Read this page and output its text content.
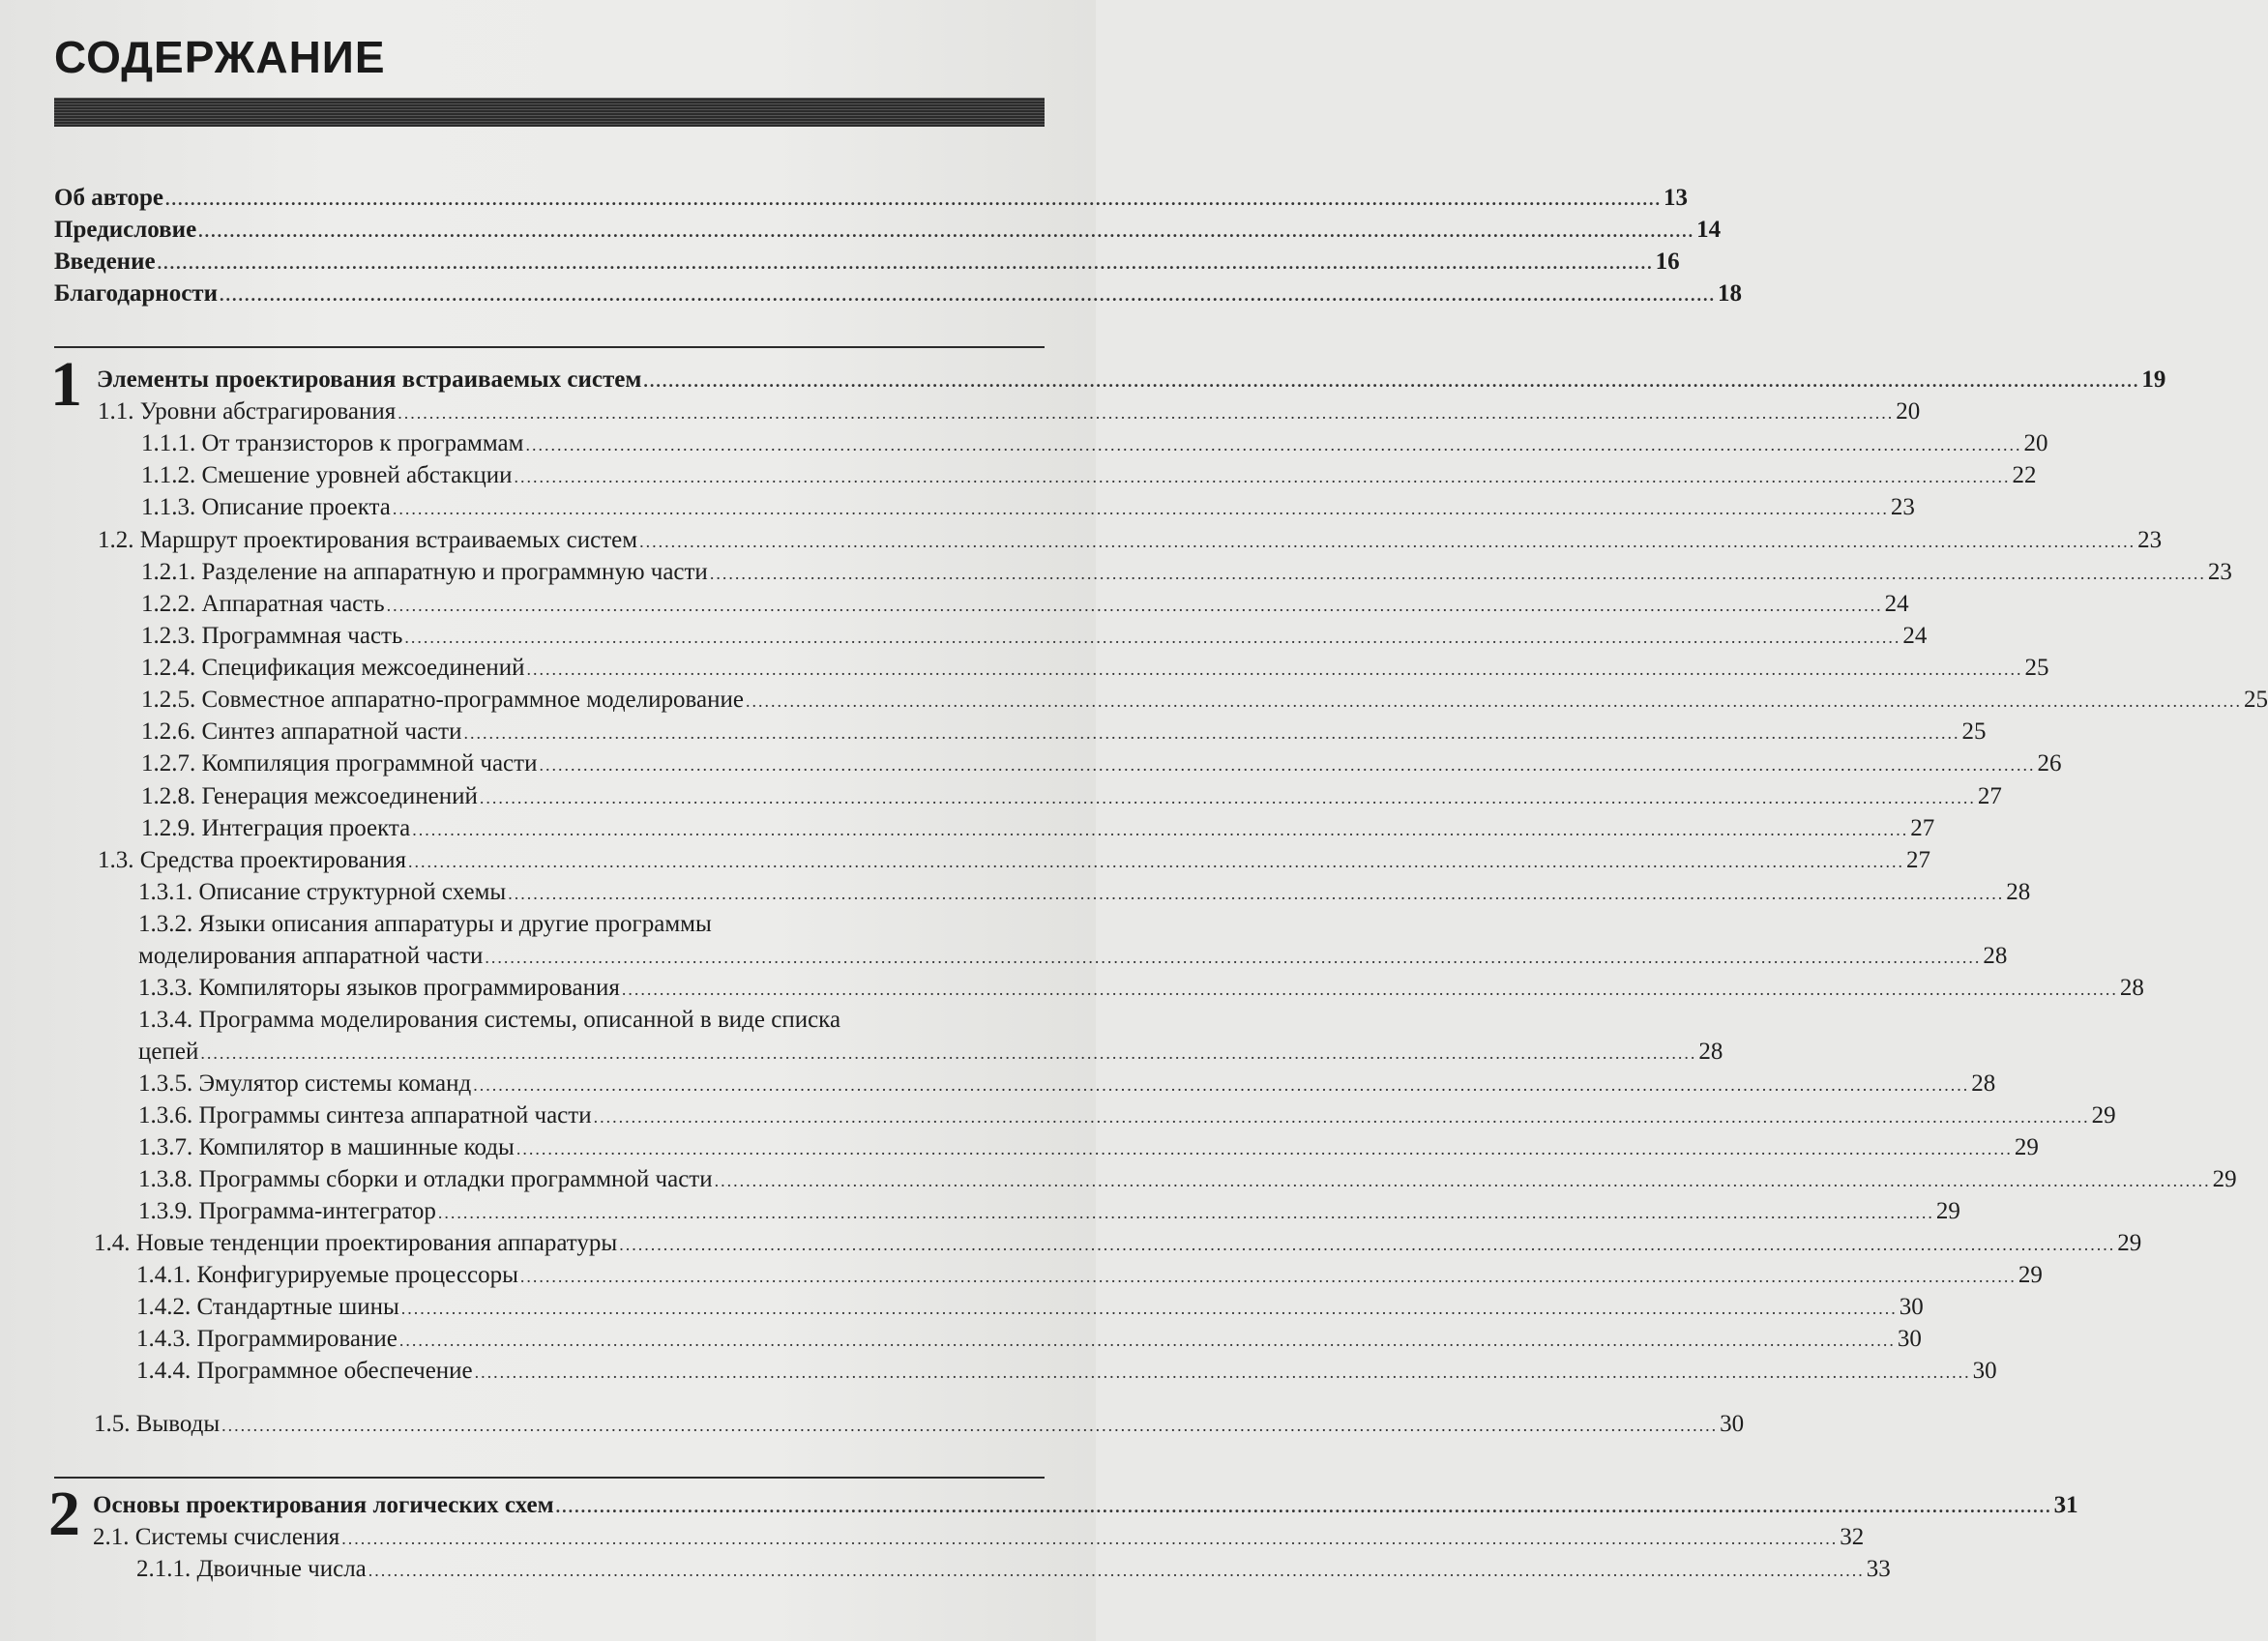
СОДЕРЖАНИЕ
Об авторе .............................................................................................................................................................................................................................................. 13
Предисловие .............................................................................................................................................................................................................................................. 14
Введение .............................................................................................................................................................................................................................................. 16
Благодарности .............................................................................................................................................................................................................................................. 18
1 Элементы проектирования встраиваемых систем .............................................................................................................................................................................................................................................. 19
1.1. Уровни абстрагирования .............................................................................................................................................................................................................................................. 20
1.1.1. От транзисторов к программам .............................................................................................................................................................................................................................................. 20
1.1.2. Смешение уровней абстакции .............................................................................................................................................................................................................................................. 22
1.1.3. Описание проекта .............................................................................................................................................................................................................................................. 23
1.2. Маршрут проектирования встраиваемых систем .............................................................................................................................................................................................................................................. 23
1.2.1. Разделение на аппаратную и программную части .............................................................................................................................................................................................................................................. 23
1.2.2. Аппаратная часть .............................................................................................................................................................................................................................................. 24
1.2.3. Программная часть .............................................................................................................................................................................................................................................. 24
1.2.4. Спецификация межсоединений .............................................................................................................................................................................................................................................. 25
1.2.5. Совместное аппаратно-программное моделирование .............................................................................................................................................................................................................................................. 25
1.2.6. Синтез аппаратной части .............................................................................................................................................................................................................................................. 25
1.2.7. Компиляция программной части .............................................................................................................................................................................................................................................. 26
1.2.8. Генерация межсоединений .............................................................................................................................................................................................................................................. 27
1.2.9. Интеграция проекта .............................................................................................................................................................................................................................................. 27
1.3. Средства проектирования .............................................................................................................................................................................................................................................. 27
1.3.1. Описание структурной схемы .............................................................................................................................................................................................................................................. 28
1.3.2. Языки описания аппаратуры и другие программы
моделирования аппаратной части .............................................................................................................................................................................................................................................. 28
1.3.3. Компиляторы языков программирования .............................................................................................................................................................................................................................................. 28
1.3.4. Программа моделирования системы, описанной в виде списка
цепей .............................................................................................................................................................................................................................................. 28
1.3.5. Эмулятор системы команд .............................................................................................................................................................................................................................................. 28
1.3.6. Программы синтеза аппаратной части .............................................................................................................................................................................................................................................. 29
1.3.7. Компилятор в машинные коды .............................................................................................................................................................................................................................................. 29
1.3.8. Программы сборки и отладки программной части .............................................................................................................................................................................................................................................. 29
1.3.9. Программа-интегратор .............................................................................................................................................................................................................................................. 29
1.4. Новые тенденции проектирования аппаратуры .............................................................................................................................................................................................................................................. 29
1.4.1. Конфигурируемые процессоры .............................................................................................................................................................................................................................................. 29
1.4.2. Стандартные шины .............................................................................................................................................................................................................................................. 30
1.4.3. Программирование .............................................................................................................................................................................................................................................. 30
1.4.4. Программное обеспечение .............................................................................................................................................................................................................................................. 30
1.5. Выводы .............................................................................................................................................................................................................................................. 30
2 Основы проектирования логических схем .............................................................................................................................................................................................................................................. 31
2.1. Системы счисления .............................................................................................................................................................................................................................................. 32
2.1.1. Двоичные числа .............................................................................................................................................................................................................................................. 33
